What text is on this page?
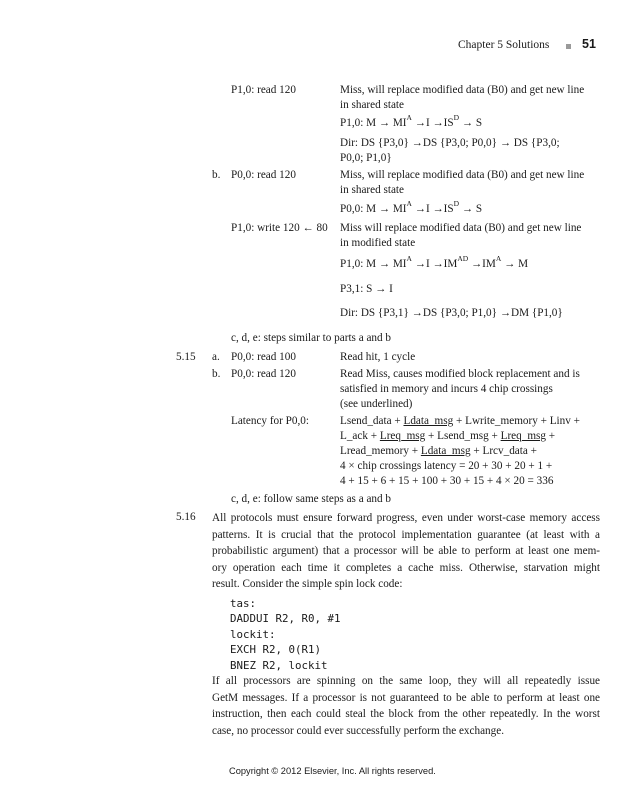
Chapter 5 Solutions	51
P1,0: read 120	Miss, will replace modified data (B0) and get new line
in shared state
P1,0: $M \to MI^A \to I \to IS^D \to S$
Dir: DS {P3,0} →DS {P3,0; P0,0} → DS {P3,0;
P0,0; P1,0}
b. P0,0: read 120	Miss, will replace modified data (B0) and get new line
in shared state
P0,0: $M \to MI^A \to I \to IS^D \to S$
P1,0: write 120 ← 80 Miss will replace modified data (B0) and get new line
in modified state
P1,0: $M \to MI^A \to I \to IM^{AD} \to IM^A \to M$
P3,1: S → I
Dir: DS {P3,1} →DS {P3,0; P1,0} →DM {P1,0}
c, d, e: steps similar to parts a and b
5.15 a. P0,0: read 100	Read hit, 1 cycle
b. P0,0: read 120	Read Miss, causes modified block replacement and is
satisfied in memory and incurs 4 chip crossings
(see underlined)
Latency for P0,0:	Lsend_data + Ldata_msg + Lwrite_memory + Linv +
L_ack + Lreq_msg + Lsend_msg + Lreq_msg +
Lread_memory + Ldata_msg + Lrcv_data +
4 × chip crossings latency = 20 + 30 + 20 + 1 +
4 + 15 + 6 + 15 + 100 + 30 + 15 + 4 × 20 = 336
c, d, e: follow same steps as a and b
5.16 All protocols must ensure forward progress, even under worst-case memory access
patterns. It is crucial that the protocol implementation guarantee (at least with a
probabilistic argument) that a processor will be able to perform at least one mem-
ory operation each time it completes a cache miss. Otherwise, starvation might
result. Consider the simple spin lock code:
tas:
DADDUI R2, R0, #1
lockit:
EXCH R2, 0(R1)
BNEZ R2, lockit
If all processors are spinning on the same loop, they will all repeatedly issue
GetM messages. If a processor is not guaranteed to be able to perform at least one
instruction, then each could steal the block from the other repeatedly. In the worst
case, no processor could ever successfully perform the exchange.
Copyright © 2012 Elsevier, Inc. All rights reserved.
